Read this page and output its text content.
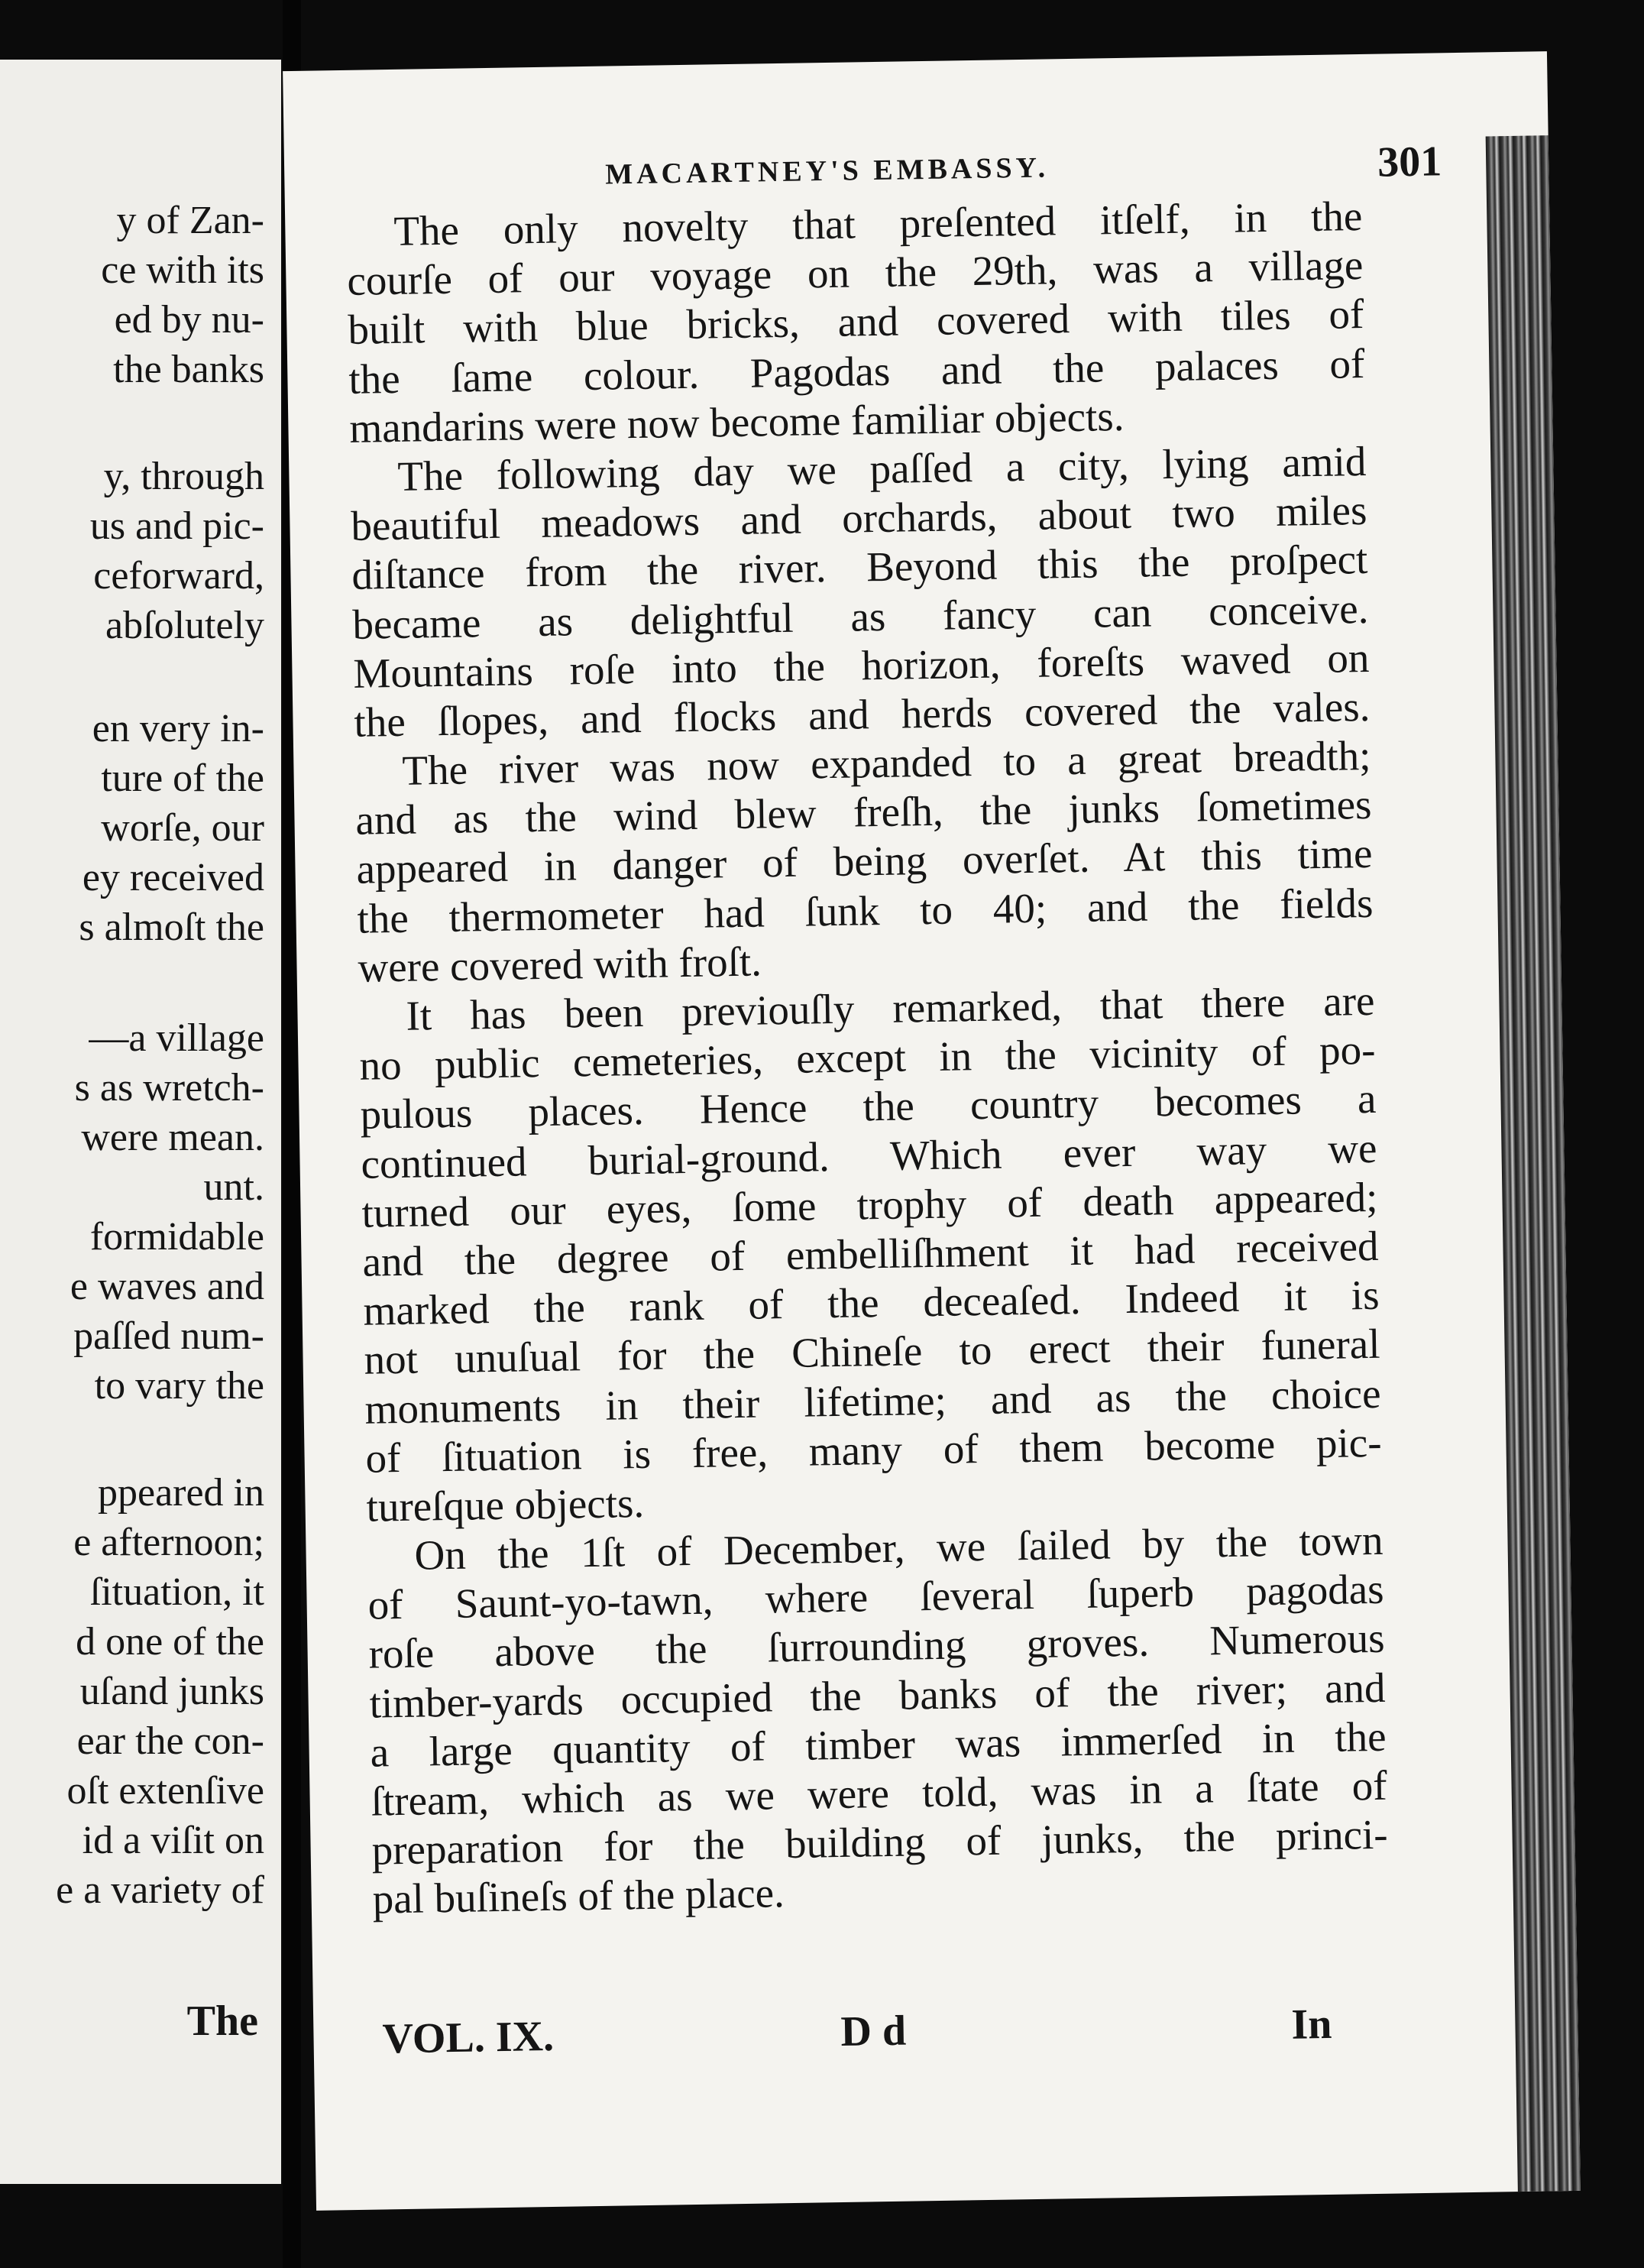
y of Zan-
ce with its
ed by nu-
the banks
y, through
us and pic-
ceforward,
abſolutely
en very in-
ture of the
worſe, our
ey received
s almoſt the
—a village
s as wretch-
were mean.
unt.
formidable
e waves and
paſſed num-
to vary the
ppeared in
e afternoon;
ſituation, it
d one of the
uſand junks
ear the con-
oſt extenſive
id a viſit on
e a variety of
The
MACARTNEY'S EMBASSY.	301
The only novelty that preſented itſelf, in the
courſe of our voyage on the 29th, was a village
built with blue bricks, and covered with tiles of
the ſame colour. Pagodas and the palaces of
mandarins were now become familiar objects.
The following day we paſſed a city, lying amid
beautiful meadows and orchards, about two miles
diſtance from the river. Beyond this the proſpect
became as delightful as fancy can conceive.
Mountains roſe into the horizon, foreſts waved on
the ſlopes, and flocks and herds covered the vales.
The river was now expanded to a great breadth;
and as the wind blew freſh, the junks ſometimes
appeared in danger of being overſet. At this time
the thermometer had ſunk to 40; and the fields
were covered with froſt.
It has been previouſly remarked, that there are
no public cemeteries, except in the vicinity of po-
pulous places. Hence the country becomes a
continued burial-ground. Which ever way we
turned our eyes, ſome trophy of death appeared;
and the degree of embelliſhment it had received
marked the rank of the deceaſed. Indeed it is
not unuſual for the Chineſe to erect their funeral
monuments in their lifetime; and as the choice
of ſituation is free, many of them become pic-
tureſque objects.
On the 1ſt of December, we ſailed by the town
of Saunt-yo-tawn, where ſeveral ſuperb pagodas
roſe above the ſurrounding groves. Numerous
timber-yards occupied the banks of the river; and
a large quantity of timber was immerſed in the
ſtream, which as we were told, was in a ſtate of
preparation for the building of junks, the princi-
pal buſineſs of the place.
VOL. IX.	D d	In
